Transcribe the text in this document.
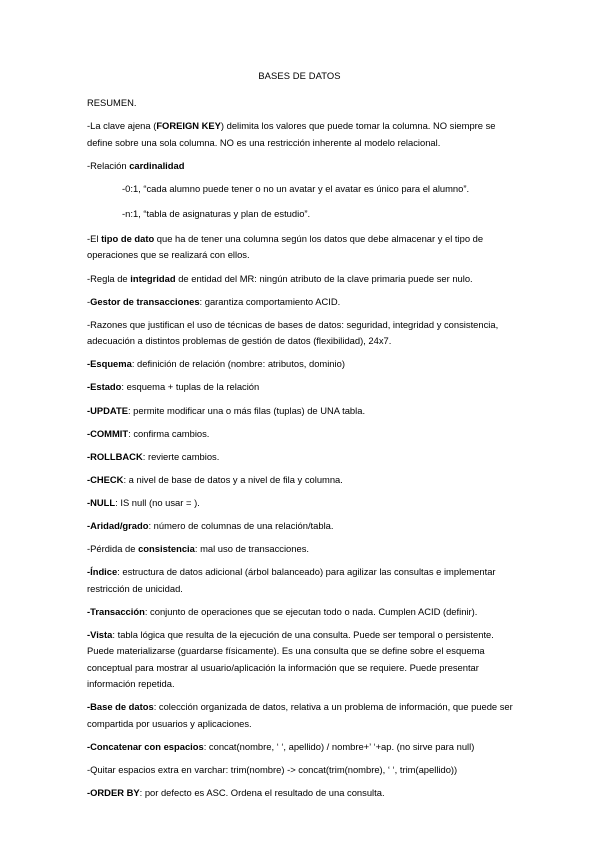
BASES DE DATOS

RESUMEN.

-La clave ajena (FOREIGN KEY) delimita los valores que puede tomar la columna. NO siempre se define sobre una sola columna. NO es una restricción inherente al modelo relacional.

-Relación cardinalidad

-0:1, “cada alumno puede tener o no un avatar y el avatar es único para el alumno”.

-n:1, “tabla de asignaturas y plan de estudio”.

-El tipo de dato que ha de tener una columna según los datos que debe almacenar y el tipo de operaciones que se realizará con ellos.

-Regla de integridad de entidad del MR: ningún atributo de la clave primaria puede ser nulo.

-Gestor de transacciones: garantiza comportamiento ACID.

-Razones que justifican el uso de técnicas de bases de datos: seguridad, integridad y consistencia, adecuación a distintos problemas de gestión de datos (flexibilidad), 24x7.

-Esquema: definición de relación (nombre: atributos, dominio)

-Estado: esquema + tuplas de la relación

-UPDATE: permite modificar una o más filas (tuplas) de UNA tabla.

-COMMIT: confirma cambios.

-ROLLBACK: revierte cambios.

-CHECK: a nivel de base de datos y a nivel de fila y columna.

-NULL: IS null (no usar = ).

-Aridad/grado: número de columnas de una relación/tabla.

-Pérdida de consistencia: mal uso de transacciones.

-Índice: estructura de datos adicional (árbol balanceado) para agilizar las consultas e implementar restricción de unicidad.

-Transacción: conjunto de operaciones que se ejecutan todo o nada. Cumplen ACID (definir).

-Vista: tabla lógica que resulta de la ejecución de una consulta. Puede ser temporal o persistente. Puede materializarse (guardarse físicamente). Es una consulta que se define sobre el esquema conceptual para mostrar al usuario/aplicación la información que se requiere. Puede presentar información repetida.

-Base de datos: colección organizada de datos, relativa a un problema de información, que puede ser compartida por usuarios y aplicaciones.

-Concatenar con espacios: concat(nombre, ‘ ‘, apellido) / nombre+’ ‘+ap. (no sirve para null)

-Quitar espacios extra en varchar: trim(nombre) -> concat(trim(nombre), ‘ ‘, trim(apellido))

-ORDER BY: por defecto es ASC. Ordena el resultado de una consulta.
